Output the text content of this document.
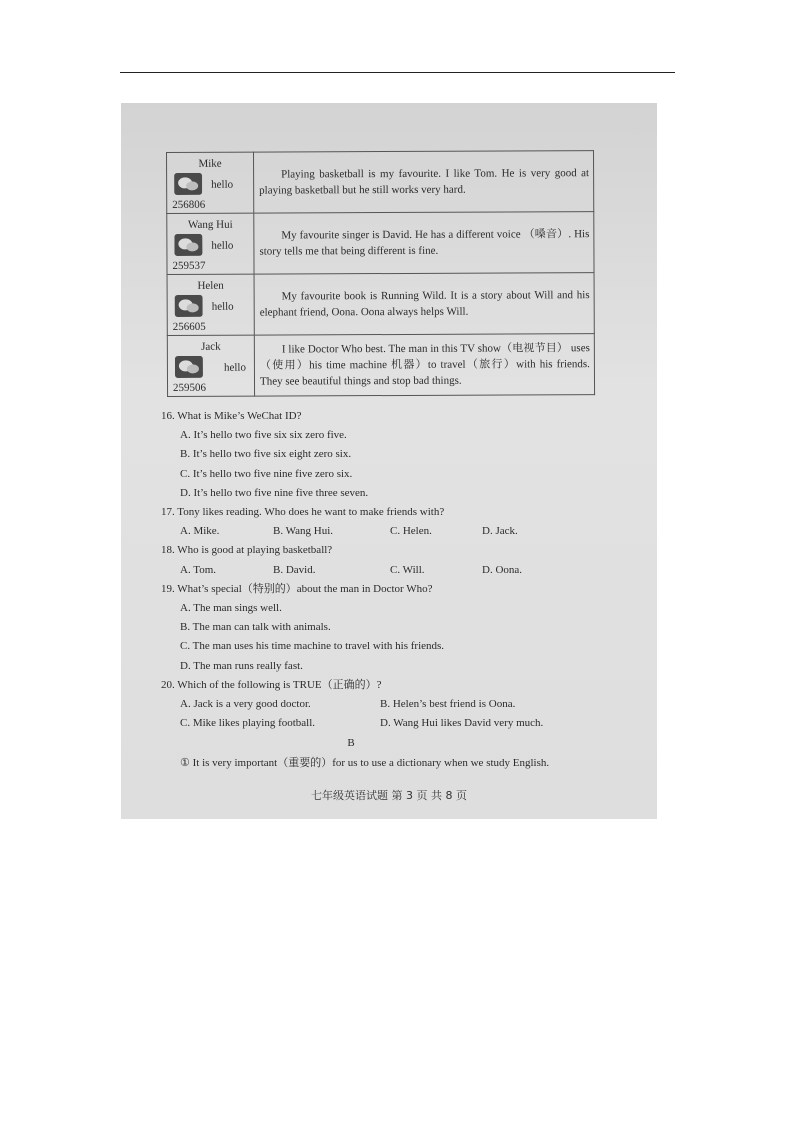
Mike
hello
256806	Playing basketball is my favourite. I like Tom. He is very good at playing basketball but he still works very hard.

Wang Hui
hello
259537	My favourite singer is David. He has a different voice （嗓音）. His story tells me that being different is fine.

Helen
hello
256605	My favourite book is Running Wild. It is a story about Will and his elephant friend, Oona. Oona always helps Will.

Jack
hello
259506	I like Doctor Who best. The man in this TV show（电视节目） uses（使用）his time machine 机器）to travel（旅行）with his friends. They see beautiful things and stop bad things.

16. What is Mike’s WeChat ID?

A. It’s hello two five six six zero five.

B. It’s hello two five six eight zero six.

C. It’s hello two five nine five zero six.

D. It’s hello two five nine five three seven.

17. Tony likes reading. Who does he want to make friends with?

A. Mike.	B. Wang Hui.	C. Helen.	D. Jack.

18. Who is good at playing basketball?

A. Tom.	B. David.	C. Will.	D. Oona.

19. What’s special（特别的）about the man in Doctor Who?

A. The man sings well.

B. The man can talk with animals.

C. The man uses his time machine to travel with his friends.

D. The man runs really fast.

20. Which of the following is TRUE（正确的）?

A. Jack is a very good doctor.	B. Helen’s best friend is Oona.
C. Mike likes playing football.	D. Wang Hui likes David very much.

B

① It is very important（重要的）for us to use a dictionary when we study English.

七年级英语试题 第 3 页 共 8 页
